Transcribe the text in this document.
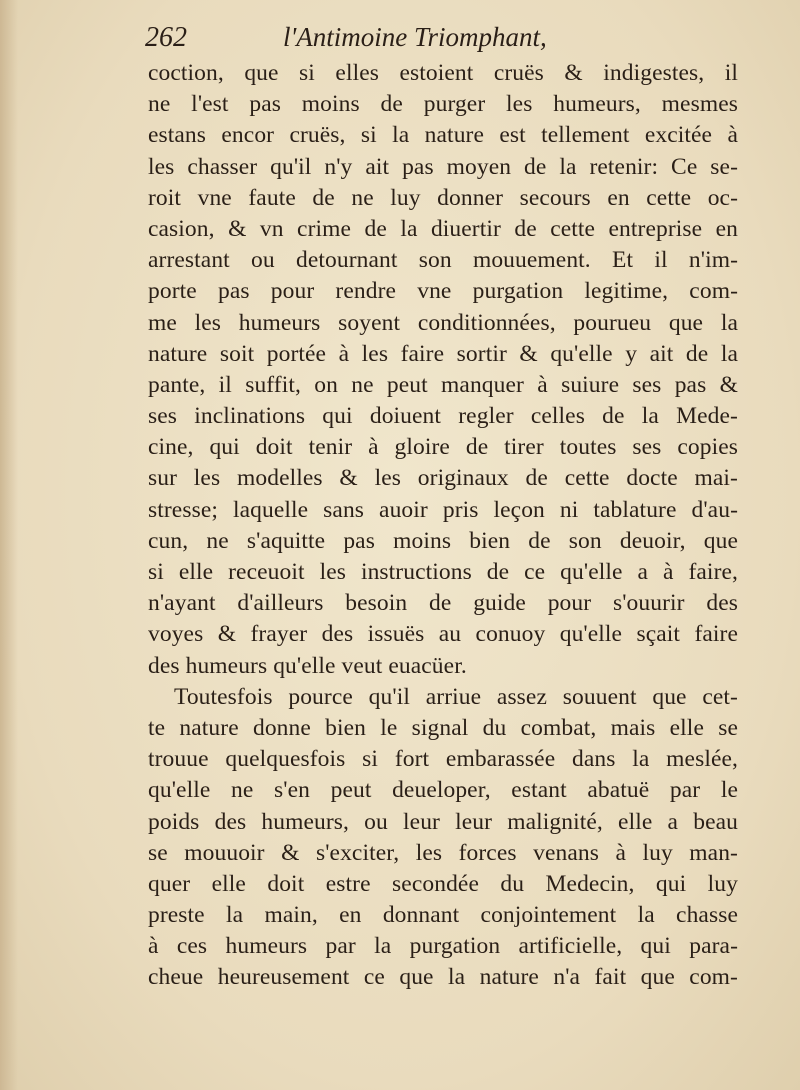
262	l'Antimoine Triomphant,
coction, que si elles estoient cruës & indigestes, il
ne l'est pas moins de purger les humeurs, mesmes
estans encor cruës, si la nature est tellement excitée à
les chasser qu'il n'y ait pas moyen de la retenir: Ce se-
roit vne faute de ne luy donner secours en cette oc-
casion, & vn crime de la diuertir de cette entreprise en
arrestant ou detournant son mouuement. Et il n'im-
porte pas pour rendre vne purgation legitime, com-
me les humeurs soyent conditionnées, pourueu que la
nature soit portée à les faire sortir & qu'elle y ait de la
pante, il suffit, on ne peut manquer à suiure ses pas &
ses inclinations qui doiuent regler celles de la Mede-
cine, qui doit tenir à gloire de tirer toutes ses copies
sur les modelles & les originaux de cette docte mai-
stresse; laquelle sans auoir pris leçon ni tablature d'au-
cun, ne s'aquitte pas moins bien de son deuoir, que
si elle receuoit les instructions de ce qu'elle a à faire,
n'ayant d'ailleurs besoin de guide pour s'ouurir des
voyes & frayer des issuës au conuoy qu'elle sçait faire
des humeurs qu'elle veut euacüer.
Toutesfois pource qu'il arriue assez souuent que cet-
te nature donne bien le signal du combat, mais elle se
trouue quelquesfois si fort embarassée dans la meslée,
qu'elle ne s'en peut deueloper, estant abatuë par le
poids des humeurs, ou leur leur malignité, elle a beau
se mouuoir & s'exciter, les forces venans à luy man-
quer elle doit estre secondée du Medecin, qui luy
preste la main, en donnant conjointement la chasse
à ces humeurs par la purgation artificielle, qui para-
cheue heureusement ce que la nature n'a fait que com-
